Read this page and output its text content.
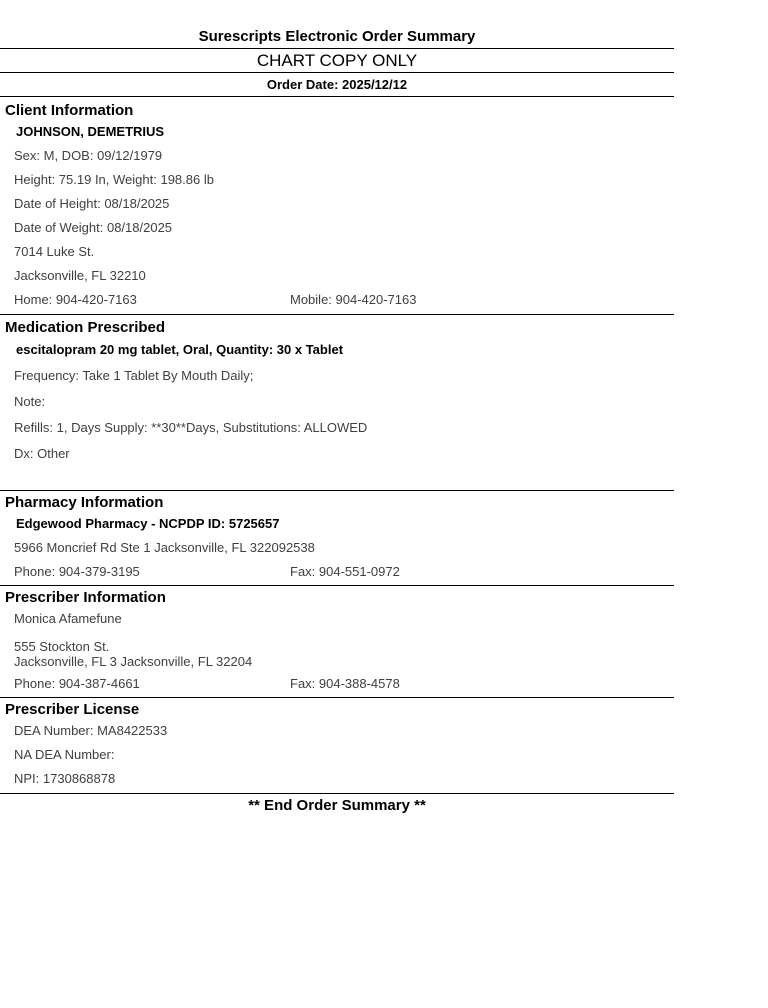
Surescripts Electronic Order Summary
CHART COPY ONLY
Order Date: 2025/12/12
Client Information
JOHNSON, DEMETRIUS
Sex: M, DOB: 09/12/1979
Height: 75.19 In, Weight: 198.86 lb
Date of Height: 08/18/2025
Date of Weight: 08/18/2025
7014 Luke St.
Jacksonville, FL 32210
Home: 904-420-7163	Mobile: 904-420-7163
Medication Prescribed
escitalopram 20 mg tablet, Oral, Quantity: 30 x Tablet
Frequency: Take 1 Tablet By Mouth Daily;
Note:
Refills: 1, Days Supply: **30**Days, Substitutions: ALLOWED
Dx: Other
Pharmacy Information
Edgewood Pharmacy - NCPDP ID: 5725657
5966 Moncrief Rd Ste 1 Jacksonville, FL 322092538
Phone: 904-379-3195	Fax: 904-551-0972
Prescriber Information
Monica Afamefune
555 Stockton St.
Jacksonville, FL 3 Jacksonville, FL 32204
Phone: 904-387-4661	Fax: 904-388-4578
Prescriber License
DEA Number: MA8422533
NA DEA Number:
NPI: 1730868878
** End Order Summary **
